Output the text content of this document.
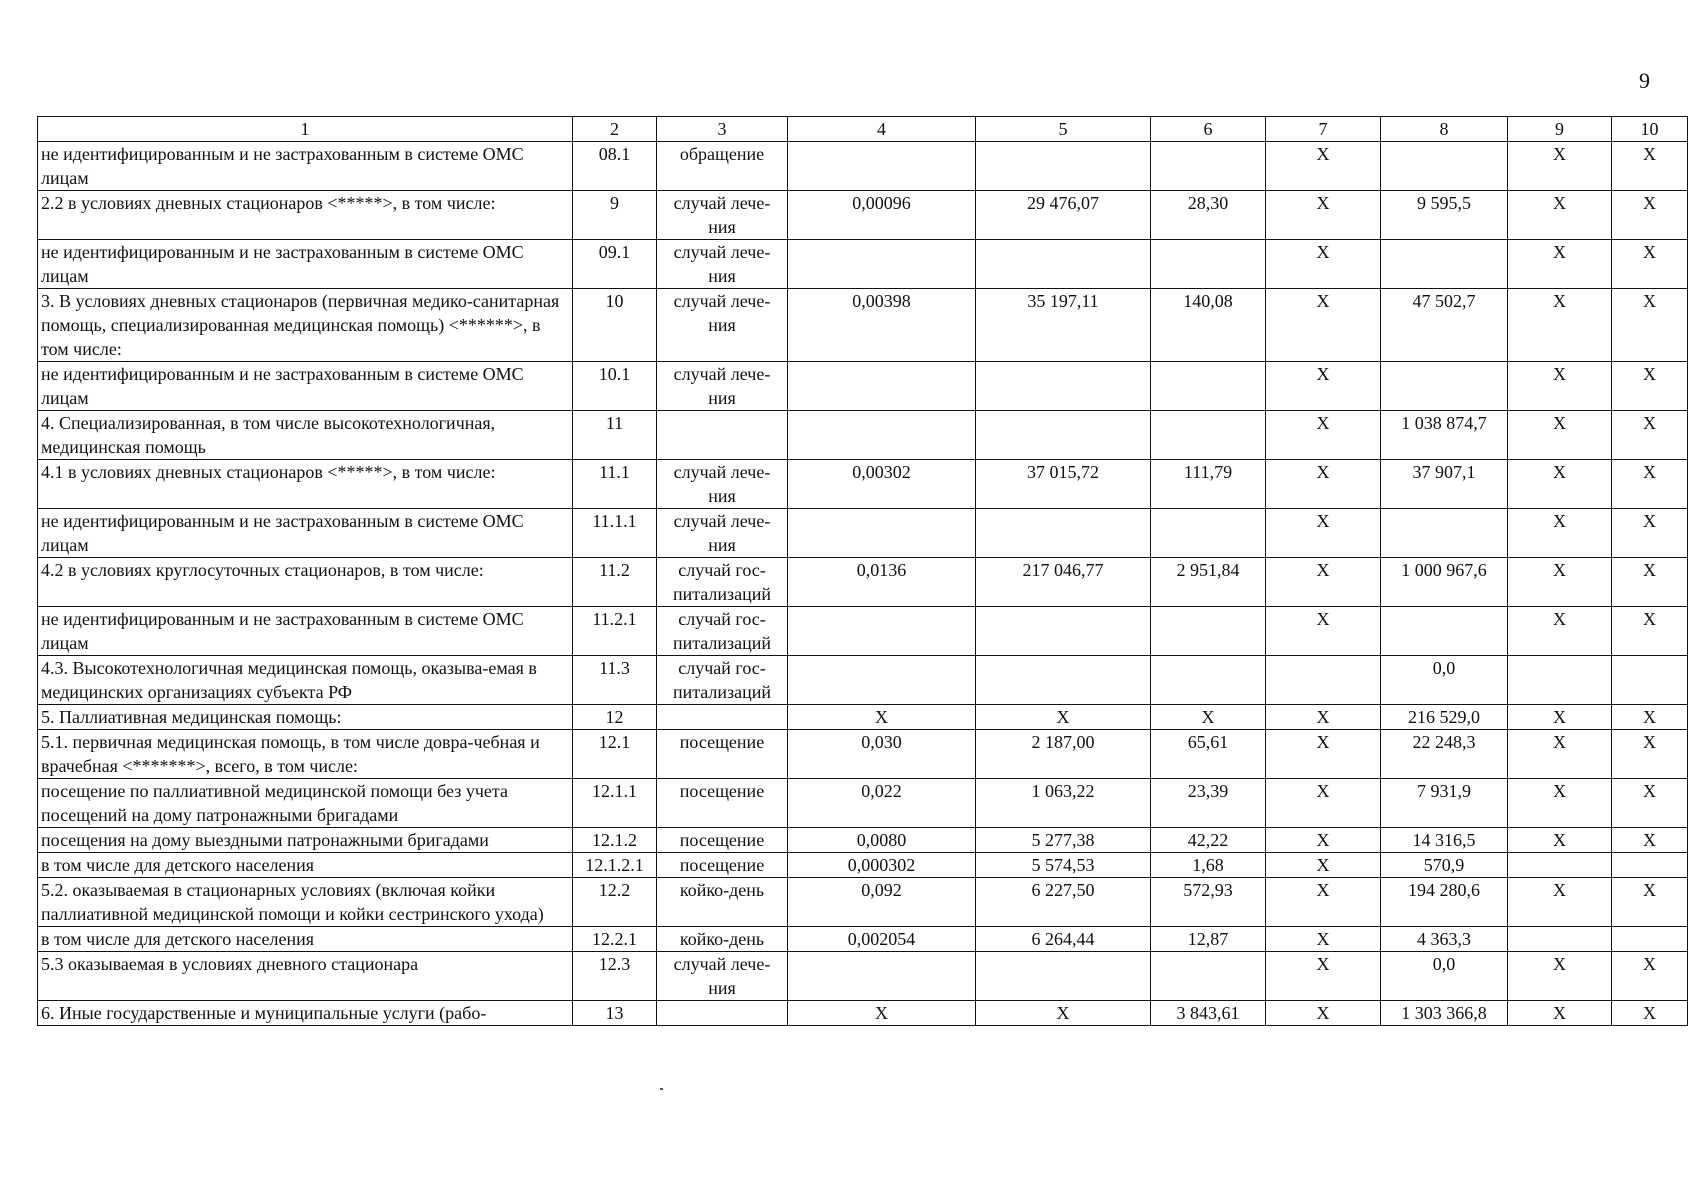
9
1	2	3	4	5	6	7	8	9	10
не идентифицированным и не застрахованным в системе ОМС лицам	08.1	обращение				X		X	X
2.2 в условиях дневных стационаров <*****>, в том числе:	9	случай лече-ния	0,00096	29 476,07	28,30	X	9 595,5	X	X
не идентифицированным и не застрахованным в системе ОМС лицам	09.1	случай лече-ния				X		X	X
3. В условиях дневных стационаров (первичная медико-санитарная помощь, специализированная медицинская помощь) <******>, в том числе:	10	случай лече-ния	0,00398	35 197,11	140,08	X	47 502,7	X	X
не идентифицированным и не застрахованным в системе ОМС лицам	10.1	случай лече-ния				X		X	X
4. Специализированная, в том числе высокотехнологичная, медицинская помощь	11					X	1 038 874,7	X	X
4.1 в условиях дневных стационаров <*****>, в том числе:	11.1	случай лече-ния	0,00302	37 015,72	111,79	X	37 907,1	X	X
не идентифицированным и не застрахованным в системе ОМС лицам	11.1.1	случай лече-ния				X		X	X
4.2 в условиях круглосуточных стационаров, в том числе:	11.2	случай гос-питализаций	0,0136	217 046,77	2 951,84	X	1 000 967,6	X	X
не идентифицированным и не застрахованным в системе ОМС лицам	11.2.1	случай гос-питализаций				X		X	X
4.3. Высокотехнологичная медицинская помощь, оказыва-емая в медицинских организациях субъекта РФ	11.3	случай гос-питализаций					0,0		
5. Паллиативная медицинская помощь:	12		X	X	X	X	216 529,0	X	X
5.1. первичная медицинская помощь, в том числе довра-чебная и врачебная <*******>, всего, в том числе:	12.1	посещение	0,030	2 187,00	65,61	X	22 248,3	X	X
посещение по паллиативной медицинской помощи без учета посещений на дому патронажными бригадами	12.1.1	посещение	0,022	1 063,22	23,39	X	7 931,9	X	X
посещения на дому выездными патронажными бригадами	12.1.2	посещение	0,0080	5 277,38	42,22	X	14 316,5	X	X
в том числе для детского населения	12.1.2.1	посещение	0,000302	5 574,53	1,68	X	570,9		
5.2. оказываемая в стационарных условиях (включая койки паллиативной медицинской помощи и койки сестринского ухода)	12.2	койко-день	0,092	6 227,50	572,93	X	194 280,6	X	X
в том числе для детского населения	12.2.1	койко-день	0,002054	6 264,44	12,87	X	4 363,3		
5.3 оказываемая в условиях дневного стационара	12.3	случай лече-ния				X	0,0	X	X
6. Иные государственные и муниципальные услуги (рабо-	13		X	X	3 843,61	X	1 303 366,8	X	X
